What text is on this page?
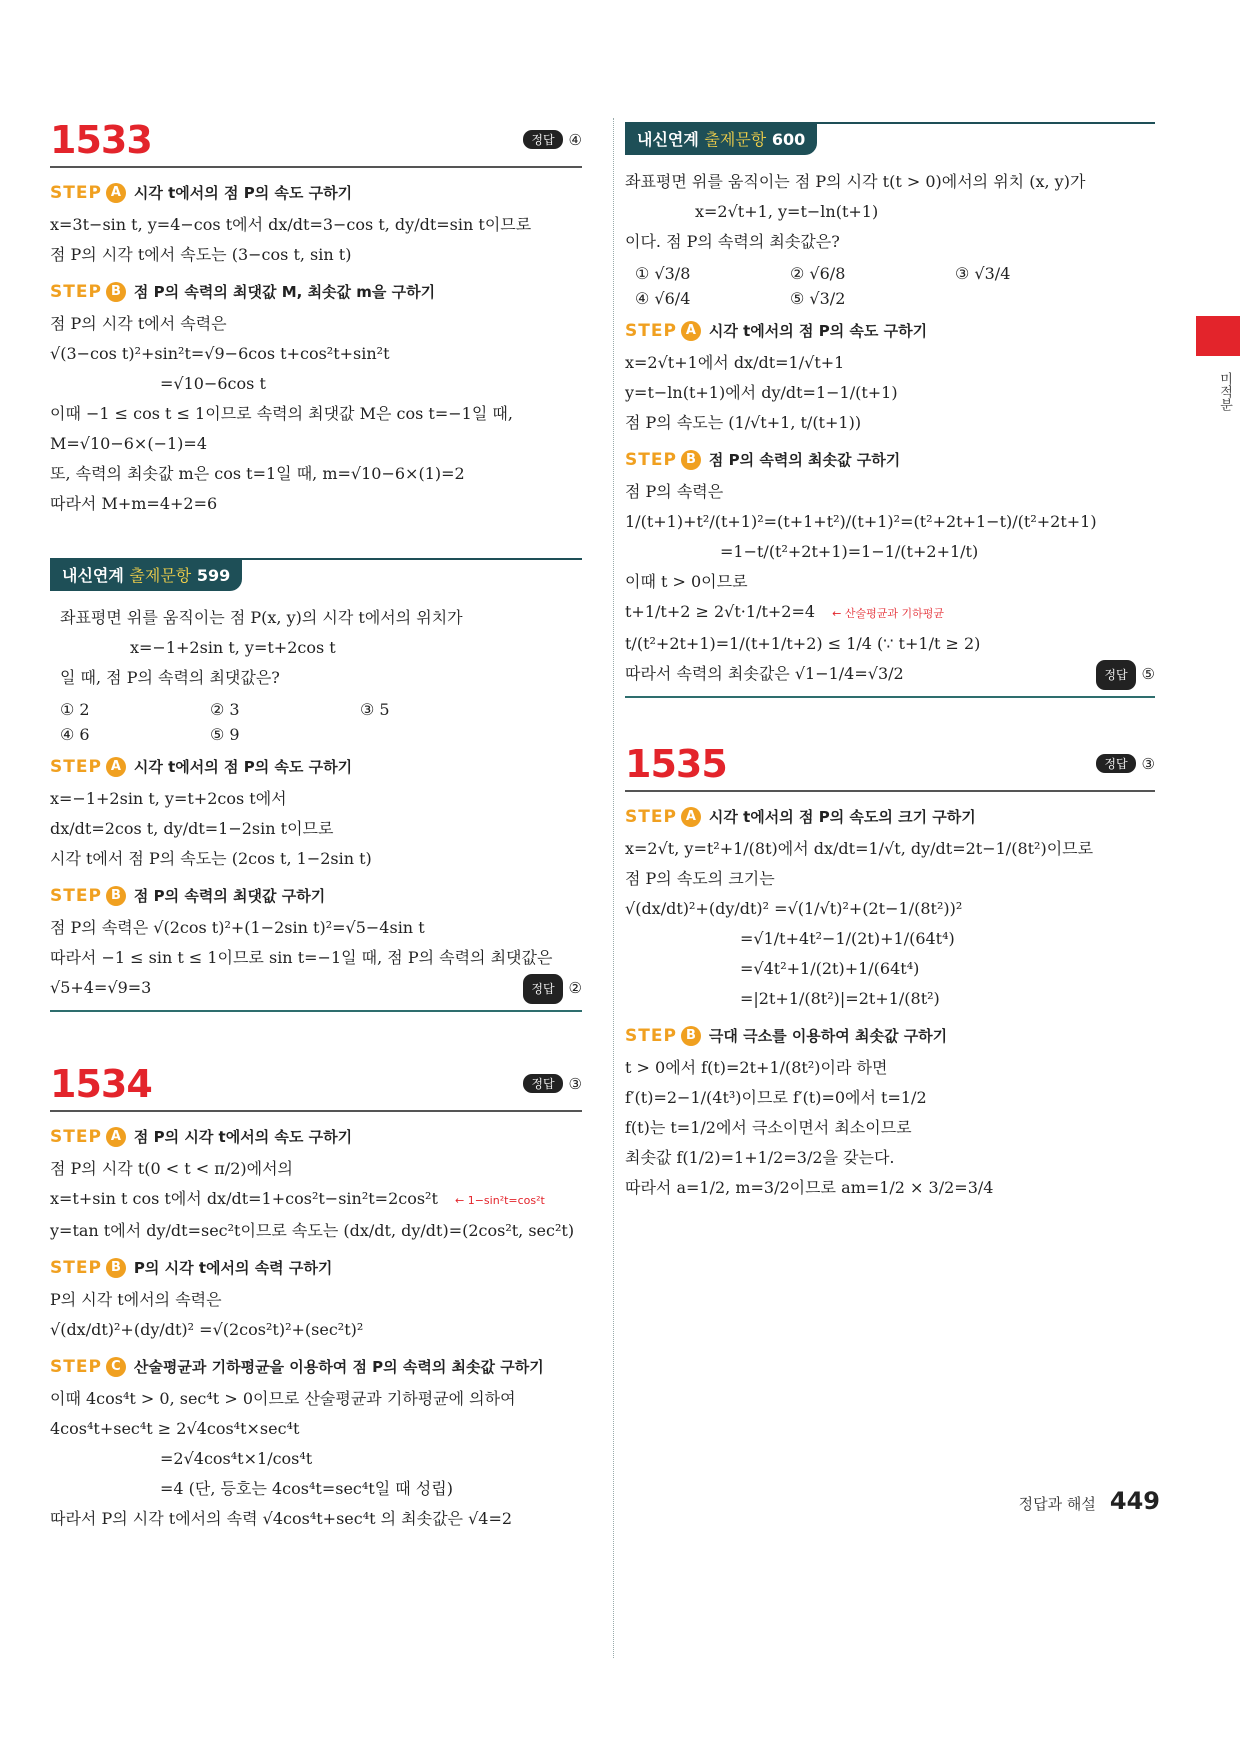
미적분
1533	정답 ④
STEP A 시각 t에서의 점 P의 속도 구하기
x=3t−sin t, y=4−cos t에서 dx/dt=3−cos t, dy/dt=sin t이므로
점 P의 시각 t에서 속도는 (3−cos t, sin t)
STEP B 점 P의 속력의 최댓값 M, 최솟값 m을 구하기
점 P의 시각 t에서 속력은
√(3−cos t)²+sin²t=√9−6cos t+cos²t+sin²t
=√10−6cos t
이때 −1 ≤ cos t ≤ 1이므로 속력의 최댓값 M은 cos t=−1일 때,
M=√10−6×(−1)=4
또, 속력의 최솟값 m은 cos t=1일 때, m=√10−6×(1)=2
따라서 M+m=4+2=6
내신연계 출제문항 599
좌표평면 위를 움직이는 점 P(x, y)의 시각 t에서의 위치가
x=−1+2sin t, y=t+2cos t
일 때, 점 P의 속력의 최댓값은?
① 2	② 3	③ 5
④ 6	⑤ 9
STEP A 시각 t에서의 점 P의 속도 구하기
x=−1+2sin t, y=t+2cos t에서
dx/dt=2cos t, dy/dt=1−2sin t이므로
시각 t에서 점 P의 속도는 (2cos t, 1−2sin t)
STEP B 점 P의 속력의 최댓값 구하기
점 P의 속력은 √(2cos t)²+(1−2sin t)²=√5−4sin t
따라서 −1 ≤ sin t ≤ 1이므로 sin t=−1일 때, 점 P의 속력의 최댓값은
√5+4=√9=3	정답 ②
1534	정답 ③
STEP A 점 P의 시각 t에서의 속도 구하기
점 P의 시각 t(0 < t < π/2)에서의
x=t+sin t cos t에서 dx/dt=1+cos²t−sin²t=2cos²t ← 1−sin²t=cos²t
y=tan t에서 dy/dt=sec²t이므로 속도는 (dx/dt, dy/dt)=(2cos²t, sec²t)
STEP B P의 시각 t에서의 속력 구하기
P의 시각 t에서의 속력은
√(dx/dt)²+(dy/dt)² =√(2cos²t)²+(sec²t)²
STEP C 산술평균과 기하평균을 이용하여 점 P의 속력의 최솟값 구하기
이때 4cos⁴t > 0, sec⁴t > 0이므로 산술평균과 기하평균에 의하여
4cos⁴t+sec⁴t ≥ 2√4cos⁴t×sec⁴t
=2√4cos⁴t×1/cos⁴t
=4 (단, 등호는 4cos⁴t=sec⁴t일 때 성립)
따라서 P의 시각 t에서의 속력 √4cos⁴t+sec⁴t 의 최솟값은 √4=2
내신연계 출제문항 600
좌표평면 위를 움직이는 점 P의 시각 t(t > 0)에서의 위치 (x, y)가
x=2√t+1, y=t−ln(t+1)
이다. 점 P의 속력의 최솟값은?
① √3/8	② √6/8	③ √3/4
④ √6/4	⑤ √3/2
STEP A 시각 t에서의 점 P의 속도 구하기
x=2√t+1에서 dx/dt=1/√t+1
y=t−ln(t+1)에서 dy/dt=1−1/(t+1)
점 P의 속도는 (1/√t+1, t/(t+1))
STEP B 점 P의 속력의 최솟값 구하기
점 P의 속력은
1/(t+1)+t²/(t+1)²=(t+1+t²)/(t+1)²=(t²+2t+1−t)/(t²+2t+1)
=1−t/(t²+2t+1)=1−1/(t+2+1/t)
이때 t > 0이므로
t+1/t+2 ≥ 2√t·1/t+2=4 ← 산술평균과 기하평균
t/(t²+2t+1)=1/(t+1/t+2) ≤ 1/4 (∵ t+1/t ≥ 2)
따라서 속력의 최솟값은 √1−1/4=√3/2	정답 ⑤
1535	정답 ③
STEP A 시각 t에서의 점 P의 속도의 크기 구하기
x=2√t, y=t²+1/(8t)에서 dx/dt=1/√t, dy/dt=2t−1/(8t²)이므로
점 P의 속도의 크기는
√(dx/dt)²+(dy/dt)² =√(1/√t)²+(2t−1/(8t²))²
=√1/t+4t²−1/(2t)+1/(64t⁴)
=√4t²+1/(2t)+1/(64t⁴)
=|2t+1/(8t²)|=2t+1/(8t²)
STEP B 극대 극소를 이용하여 최솟값 구하기
t > 0에서 f(t)=2t+1/(8t²)이라 하면
f′(t)=2−1/(4t³)이므로 f′(t)=0에서 t=1/2
f(t)는 t=1/2에서 극소이면서 최소이므로
최솟값 f(1/2)=1+1/2=3/2을 갖는다.
따라서 a=1/2, m=3/2이므로 am=1/2 × 3/2=3/4
정답과 해설 449
